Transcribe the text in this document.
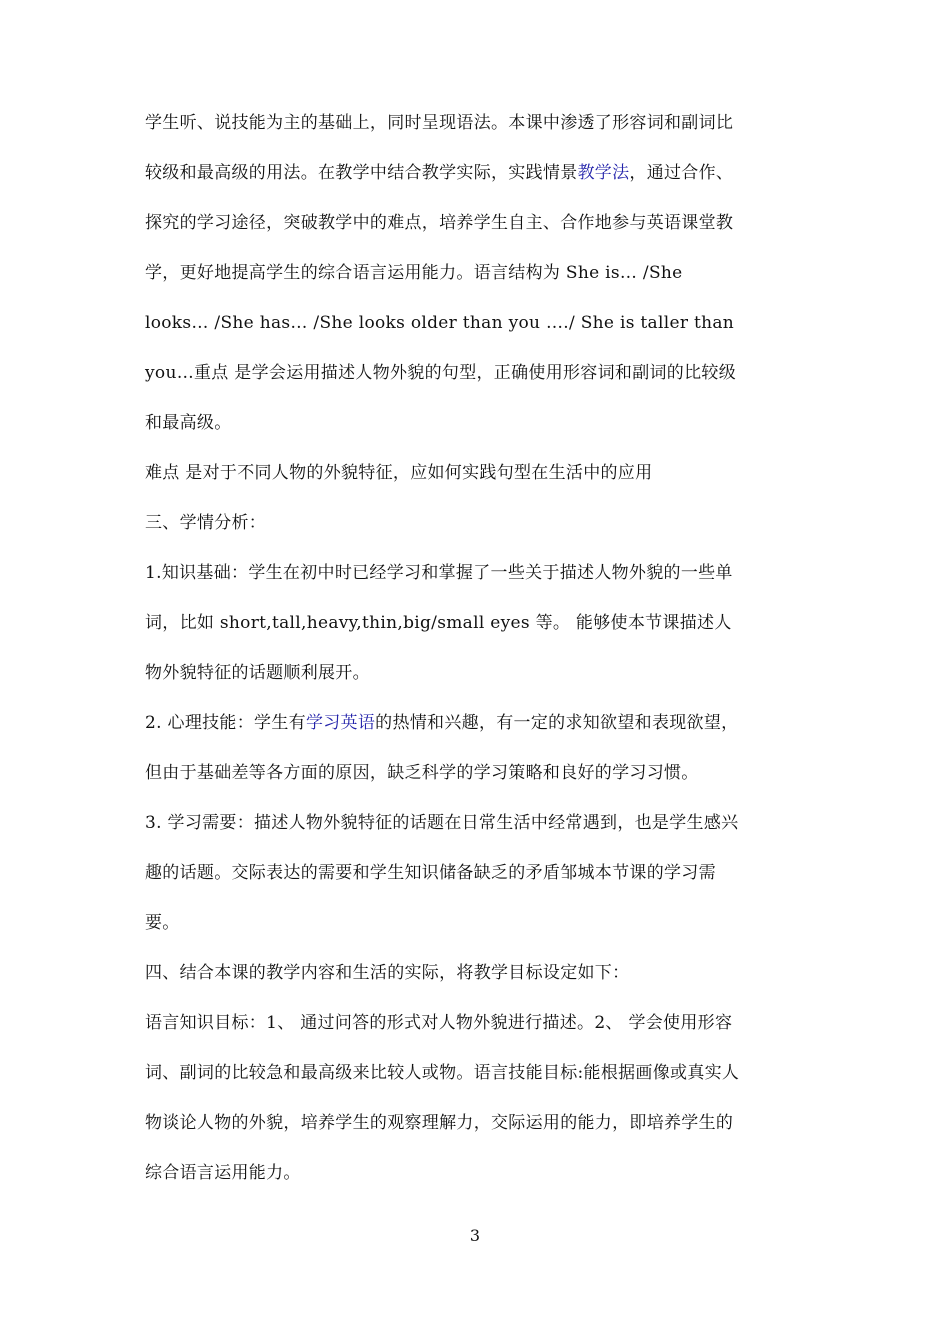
学生听、说技能为主的基础上，同时呈现语法。本课中渗透了形容词和副词比
较级和最高级的用法。在教学中结合教学实际，实践情景教学法，通过合作、
探究的学习途径，突破教学中的难点，培养学生自主、合作地参与英语课堂教
学，更好地提高学生的综合语言运用能力。语言结构为 She is… /She
looks… /She has… /She looks older than you ….∕ She is taller than
you…重点 是学会运用描述人物外貌的句型，正确使用形容词和副词的比较级
和最高级。
难点 是对于不同人物的外貌特征，应如何实践句型在生活中的应用
三、学情分析：
1.知识基础：学生在初中时已经学习和掌握了一些关于描述人物外貌的一些单
词，比如 short,tall,heavy,thin,big/small eyes 等。 能够使本节课描述人
物外貌特征的话题顺利展开。
2. 心理技能：学生有学习英语的热情和兴趣，有一定的求知欲望和表现欲望，
但由于基础差等各方面的原因，缺乏科学的学习策略和良好的学习习惯。
3. 学习需要：描述人物外貌特征的话题在日常生活中经常遇到，也是学生感兴
趣的话题。交际表达的需要和学生知识储备缺乏的矛盾邹城本节课的学习需
要。
四、结合本课的教学内容和生活的实际，将教学目标设定如下：
语言知识目标：1、 通过问答的形式对人物外貌进行描述。2、 学会使用形容
词、副词的比较急和最高级来比较人或物。语言技能目标:能根据画像或真实人
物谈论人物的外貌，培养学生的观察理解力，交际运用的能力，即培养学生的
综合语言运用能力。
3
